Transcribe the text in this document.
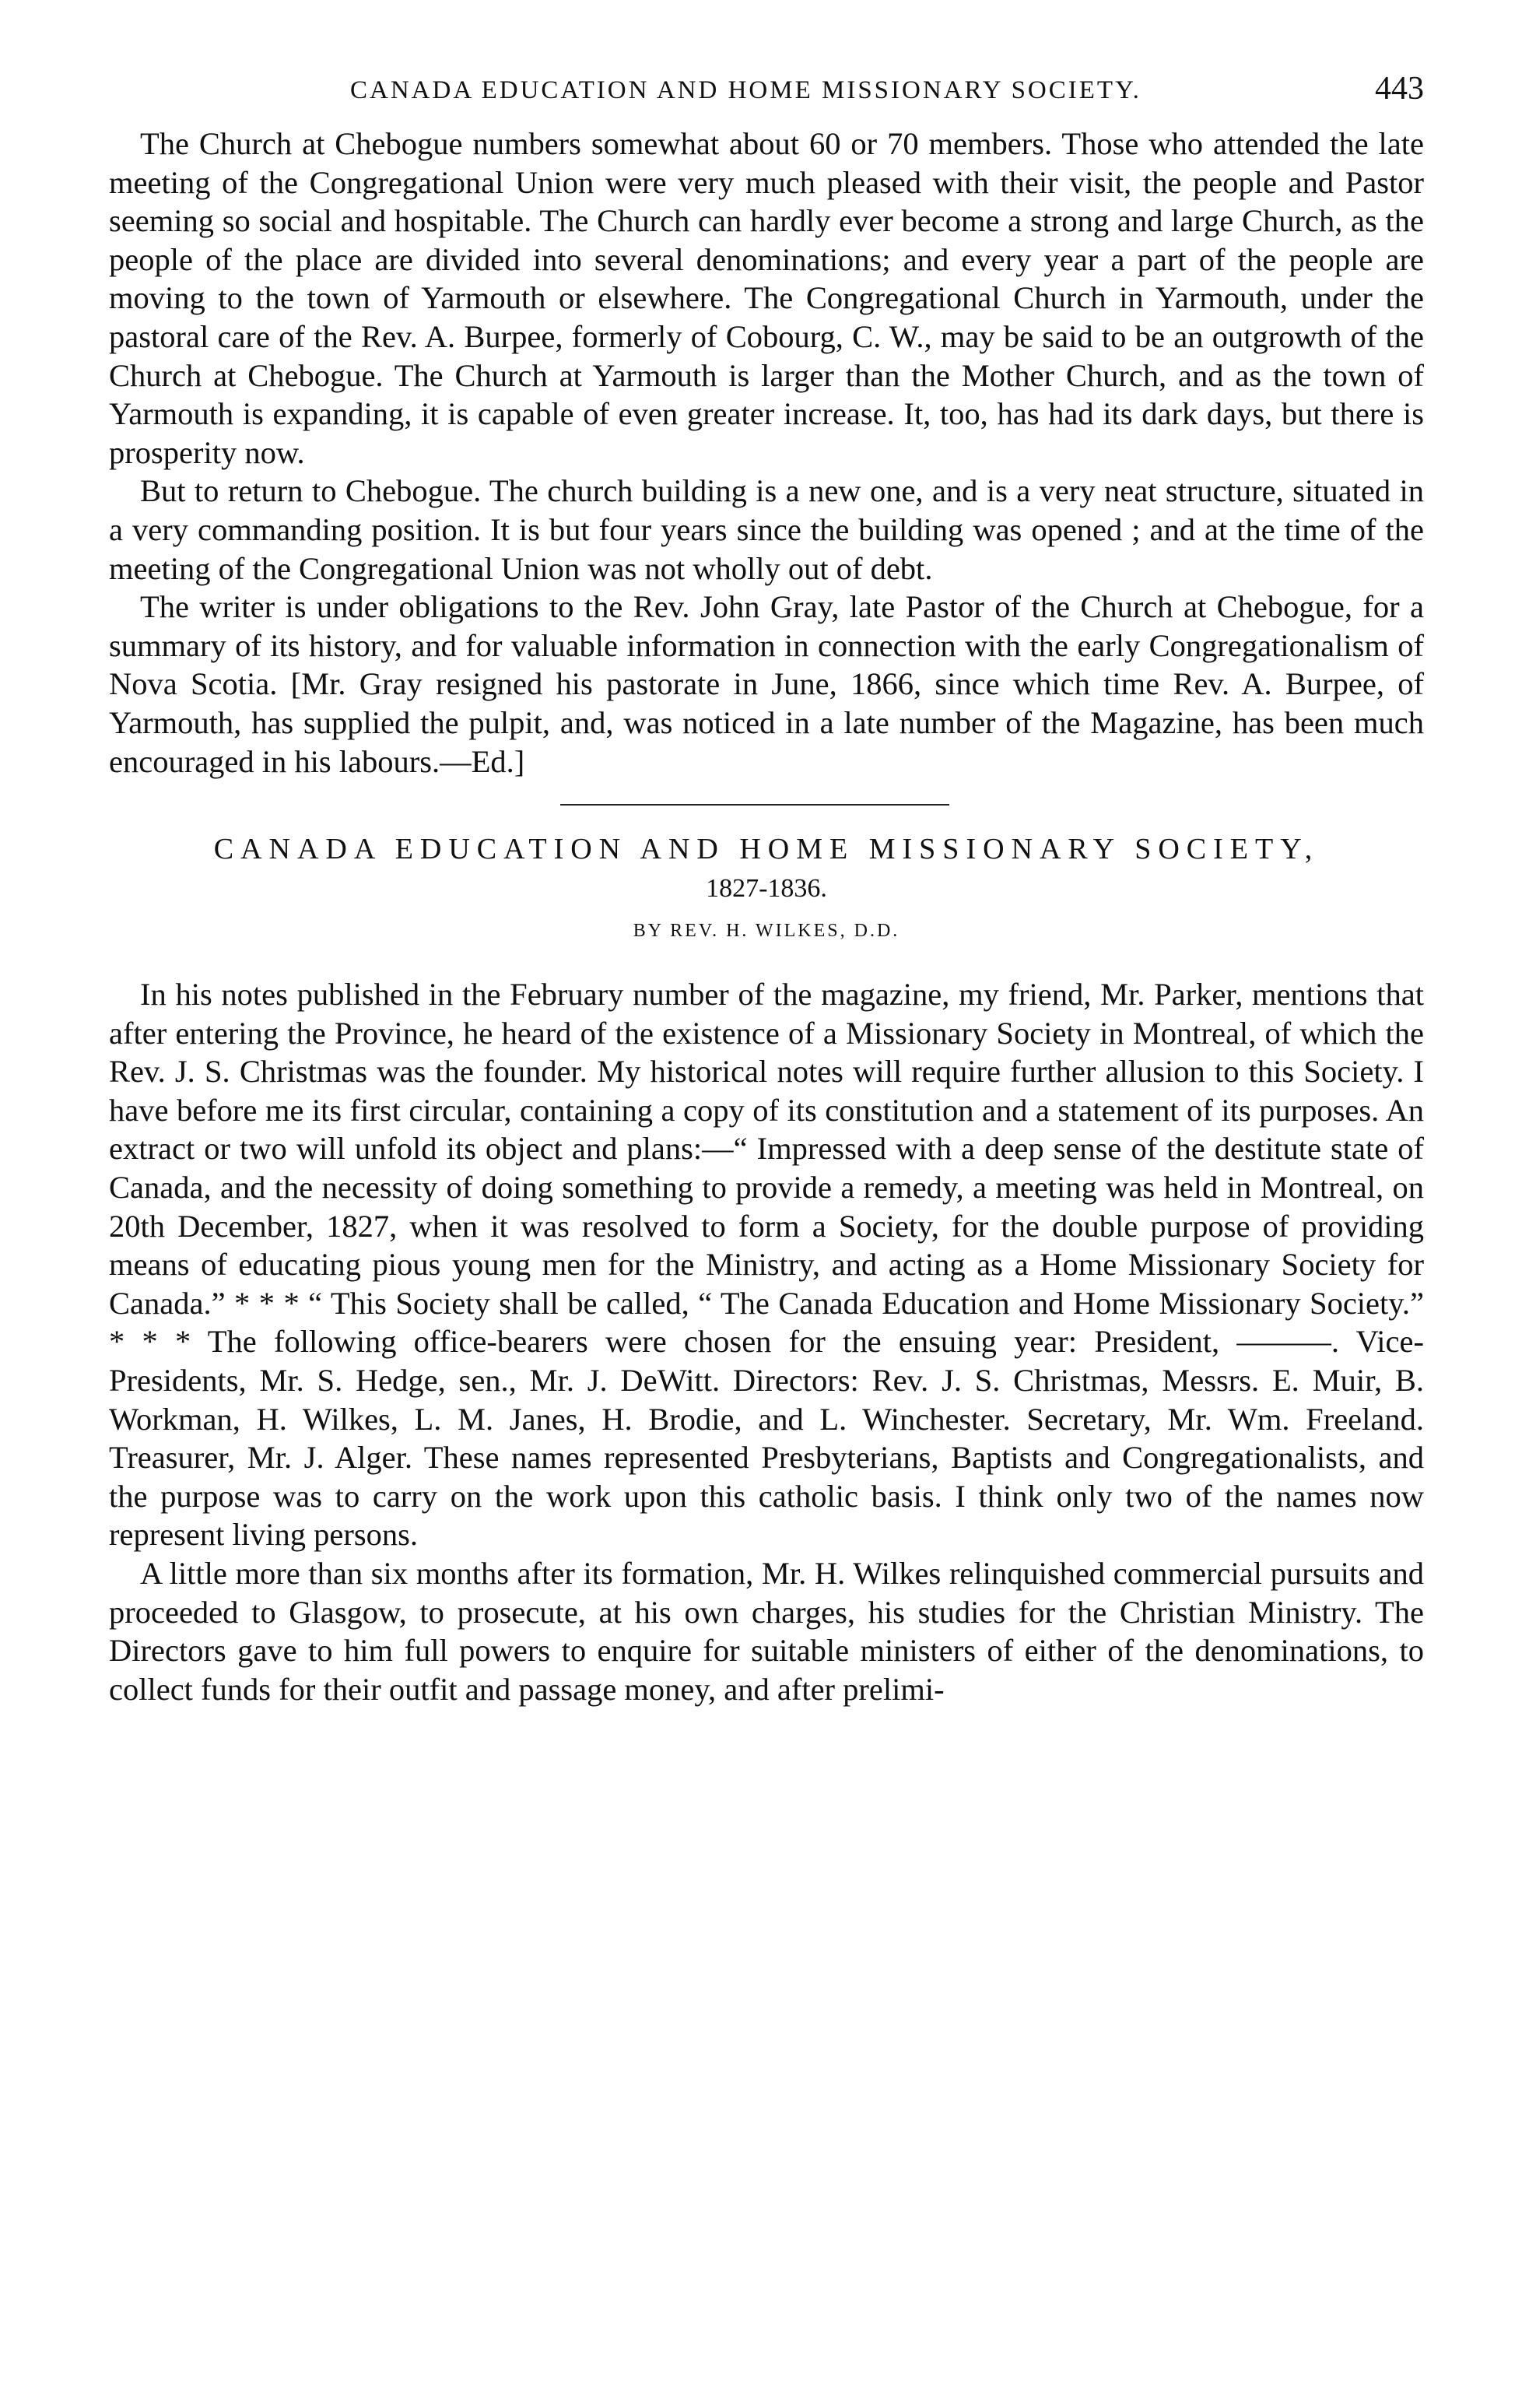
CANADA EDUCATION AND HOME MISSIONARY SOCIETY.	443

The Church at Chebogue numbers somewhat about 60 or 70 members. Those who attended the late meeting of the Congregational Union were very much pleased with their visit, the people and Pastor seeming so social and hospitable. The Church can hardly ever become a strong and large Church, as the people of the place are divided into several denominations; and every year a part of the people are moving to the town of Yarmouth or elsewhere. The Congregational Church in Yarmouth, under the pastoral care of the Rev. A. Burpee, formerly of Cobourg, C. W., may be said to be an outgrowth of the Church at Chebogue. The Church at Yarmouth is larger than the Mother Church, and as the town of Yarmouth is expanding, it is capable of even greater increase. It, too, has had its dark days, but there is prosperity now.

But to return to Chebogue. The church building is a new one, and is a very neat structure, situated in a very commanding position. It is but four years since the building was opened ; and at the time of the meeting of the Congregational Union was not wholly out of debt.

The writer is under obligations to the Rev. John Gray, late Pastor of the Church at Chebogue, for a summary of its history, and for valuable information in connection with the early Congregationalism of Nova Scotia. [Mr. Gray resigned his pastorate in June, 1866, since which time Rev. A. Burpee, of Yarmouth, has supplied the pulpit, and, was noticed in a late number of the Magazine, has been much encouraged in his labours.—Ed.]

CANADA EDUCATION AND HOME MISSIONARY SOCIETY,

1827-1836.

BY REV. H. WILKES, D.D.

In his notes published in the February number of the magazine, my friend, Mr. Parker, mentions that after entering the Province, he heard of the existence of a Missionary Society in Montreal, of which the Rev. J. S. Christmas was the founder. My historical notes will require further allusion to this Society. I have before me its first circular, containing a copy of its constitution and a statement of its purposes. An extract or two will unfold its object and plans:—“ Impressed with a deep sense of the destitute state of Canada, and the necessity of doing something to provide a remedy, a meeting was held in Montreal, on 20th December, 1827, when it was resolved to form a Society, for the double purpose of providing means of educating pious young men for the Ministry, and acting as a Home Missionary Society for Canada.” * * * “ This Society shall be called, “ The Canada Education and Home Missionary Society.” * * * The following office-bearers were chosen for the ensuing year: President, ———. Vice-Presidents, Mr. S. Hedge, sen., Mr. J. DeWitt. Directors: Rev. J. S. Christmas, Messrs. E. Muir, B. Workman, H. Wilkes, L. M. Janes, H. Brodie, and L. Winchester. Secretary, Mr. Wm. Freeland. Treasurer, Mr. J. Alger. These names represented Presbyterians, Baptists and Congregationalists, and the purpose was to carry on the work upon this catholic basis. I think only two of the names now represent living persons.

A little more than six months after its formation, Mr. H. Wilkes relinquished commercial pursuits and proceeded to Glasgow, to prosecute, at his own charges, his studies for the Christian Ministry. The Directors gave to him full powers to enquire for suitable ministers of either of the denominations, to collect funds for their outfit and passage money, and after prelimi-
